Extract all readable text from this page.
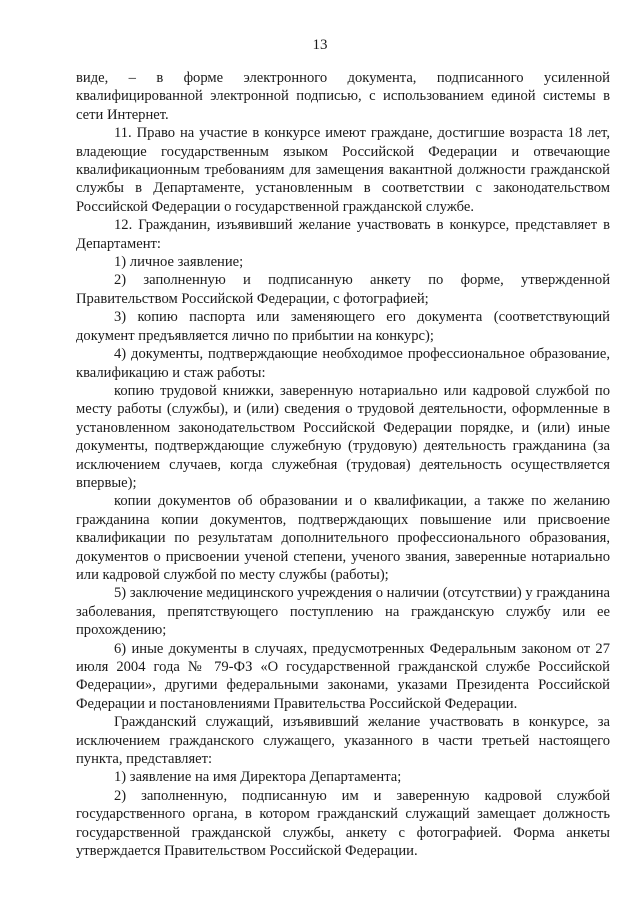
13

виде, – в форме электронного документа, подписанного усиленной квалифицированной электронной подписью, с использованием единой системы в сети Интернет.

11. Право на участие в конкурсе имеют граждане, достигшие возраста 18 лет, владеющие государственным языком Российской Федерации и отвечающие квалификационным требованиям для замещения вакантной должности гражданской службы в Департаменте, установленным в соответствии с законодательством Российской Федерации о государственной гражданской службе.

12. Гражданин, изъявивший желание участвовать в конкурсе, представляет в Департамент:

1) личное заявление;

2) заполненную и подписанную анкету по форме, утвержденной Правительством Российской Федерации, с фотографией;

3) копию паспорта или заменяющего его документа (соответствующий документ предъявляется лично по прибытии на конкурс);

4) документы, подтверждающие необходимое профессиональное образование, квалификацию и стаж работы:

копию трудовой книжки, заверенную нотариально или кадровой службой по месту работы (службы), и (или) сведения о трудовой деятельности, оформленные в установленном законодательством Российской Федерации порядке, и (или) иные документы, подтверждающие служебную (трудовую) деятельность гражданина (за исключением случаев, когда служебная (трудовая) деятельность осуществляется впервые);

копии документов об образовании и о квалификации, а также по желанию гражданина копии документов, подтверждающих повышение или присвоение квалификации по результатам дополнительного профессионального образования, документов о присвоении ученой степени, ученого звания, заверенные нотариально или кадровой службой по месту службы (работы);

5) заключение медицинского учреждения о наличии (отсутствии) у гражданина заболевания, препятствующего поступлению на гражданскую службу или ее прохождению;

6) иные документы в случаях, предусмотренных Федеральным законом от 27 июля 2004 года № 79-ФЗ «О государственной гражданской службе Российской Федерации», другими федеральными законами, указами Президента Российской Федерации и постановлениями Правительства Российской Федерации.

Гражданский служащий, изъявивший желание участвовать в конкурсе, за исключением гражданского служащего, указанного в части третьей настоящего пункта, представляет:

1) заявление на имя Директора Департамента;

2) заполненную, подписанную им и заверенную кадровой службой государственного органа, в котором гражданский служащий замещает должность государственной гражданской службы, анкету с фотографией. Форма анкеты утверждается Правительством Российской Федерации.
